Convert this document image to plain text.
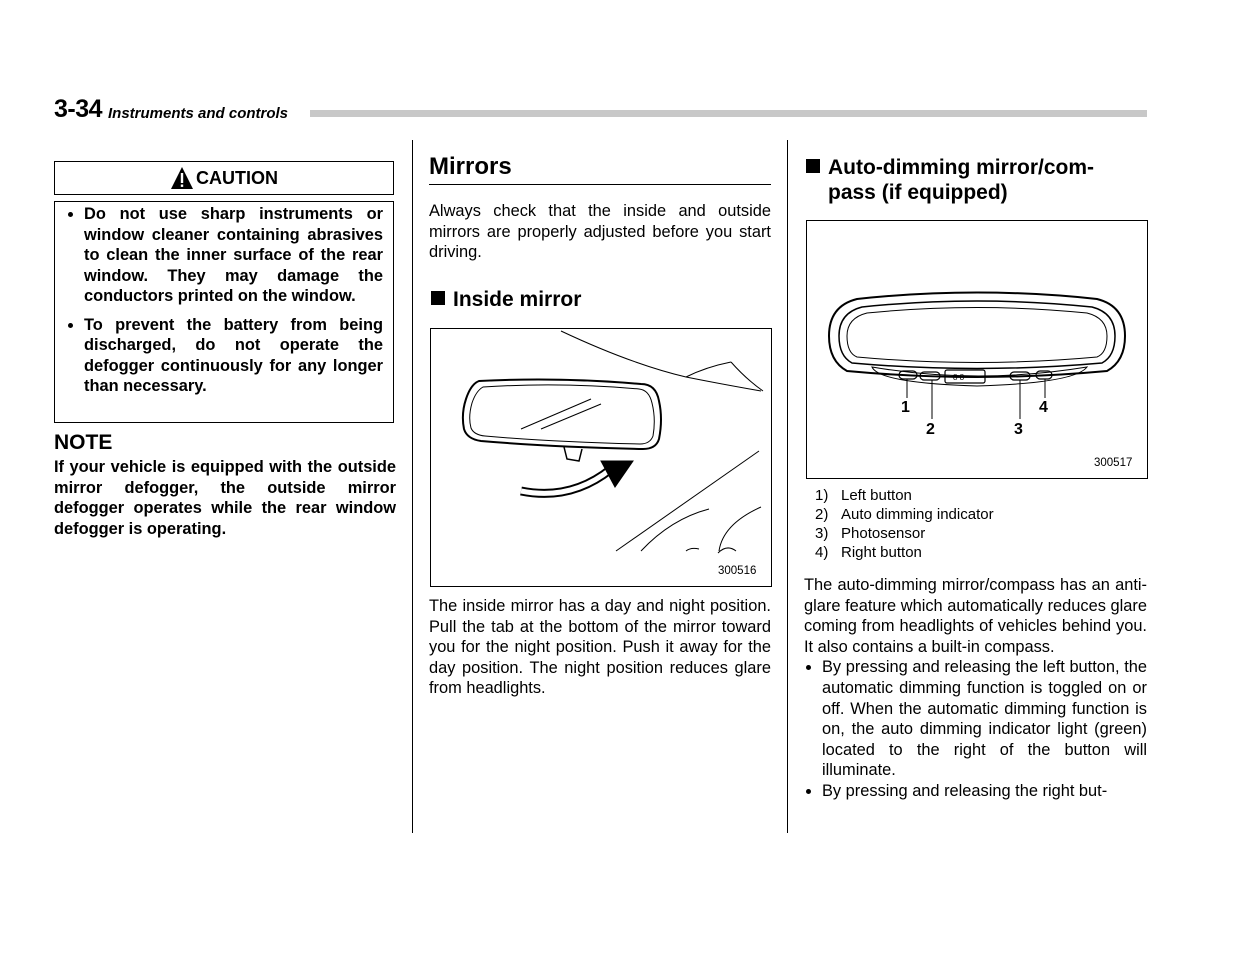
3-34 Instruments and controls
CAUTION
Do not use sharp instruments or window cleaner containing abrasives to clean the inner surface of the rear window. They may damage the conductors printed on the window.
To prevent the battery from being discharged, do not operate the defogger continuously for any longer than necessary.
NOTE
If your vehicle is equipped with the outside mirror defogger, the outside mirror defogger operates while the rear window defogger is operating.
Mirrors
Always check that the inside and outside mirrors are properly adjusted before you start driving.
Inside mirror
300516
The inside mirror has a day and night position. Pull the tab at the bottom of the mirror toward you for the night position. Push it away for the day position. The night position reduces glare from headlights.
Auto-dimming mirror/com-
pass (if equipped)
8 8
1
2	3
4
300517
1) Left button
2) Auto dimming indicator
3) Photosensor
4) Right button
The auto-dimming mirror/compass has an anti-glare feature which automatically reduces glare coming from headlights of vehicles behind you. It also contains a built-in compass.
By pressing and releasing the left button, the automatic dimming function is toggled on or off. When the automatic dimming function is on, the auto dimming indicator light (green) located to the right of the button will illuminate.
By pressing and releasing the right but-
